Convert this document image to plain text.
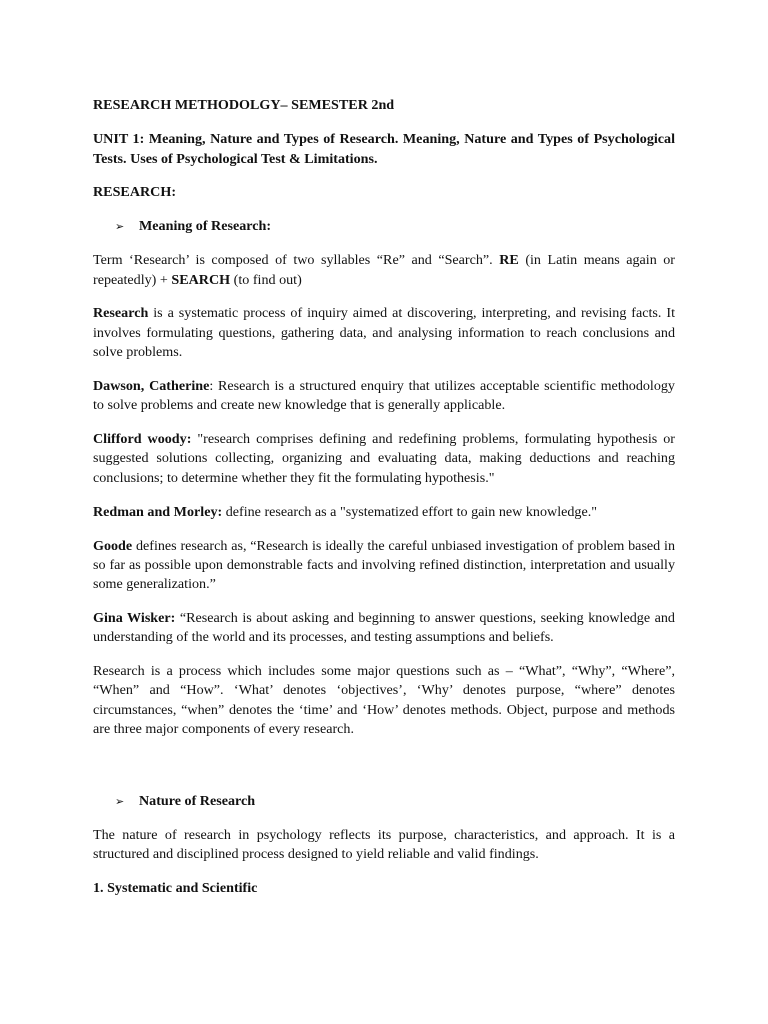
RESEARCH METHODOLGY– SEMESTER 2nd

UNIT 1: Meaning, Nature and Types of Research. Meaning, Nature and Types of Psychological Tests. Uses of Psychological Test & Limitations.

RESEARCH:

➢	Meaning of Research:

Term ‘Research’ is composed of two syllables “Re” and “Search”. RE (in Latin means again or repeatedly) + SEARCH (to find out)

Research is a systematic process of inquiry aimed at discovering, interpreting, and revising facts. It involves formulating questions, gathering data, and analysing information to reach conclusions and solve problems.

Dawson, Catherine: Research is a structured enquiry that utilizes acceptable scientific methodology to solve problems and create new knowledge that is generally applicable.

Clifford woody: "research comprises defining and redefining problems, formulating hypothesis or suggested solutions collecting, organizing and evaluating data, making deductions and reaching conclusions; to determine whether they fit the formulating hypothesis."

Redman and Morley: define research as a "systematized effort to gain new knowledge."

Goode defines research as, “Research is ideally the careful unbiased investigation of problem based in so far as possible upon demonstrable facts and involving refined distinction, interpretation and usually some generalization.”

Gina Wisker: “Research is about asking and beginning to answer questions, seeking knowledge and understanding of the world and its processes, and testing assumptions and beliefs.

Research is a process which includes some major questions such as – “What”, “Why”, “Where”, “When” and “How”. ‘What’ denotes ‘objectives’, ‘Why’ denotes purpose, “where” denotes circumstances, “when” denotes the ‘time’ and ‘How’ denotes methods. Object, purpose and methods are three major components of every research.

➢	Nature of Research

The nature of research in psychology reflects its purpose, characteristics, and approach. It is a structured and disciplined process designed to yield reliable and valid findings.

1. Systematic and Scientific
